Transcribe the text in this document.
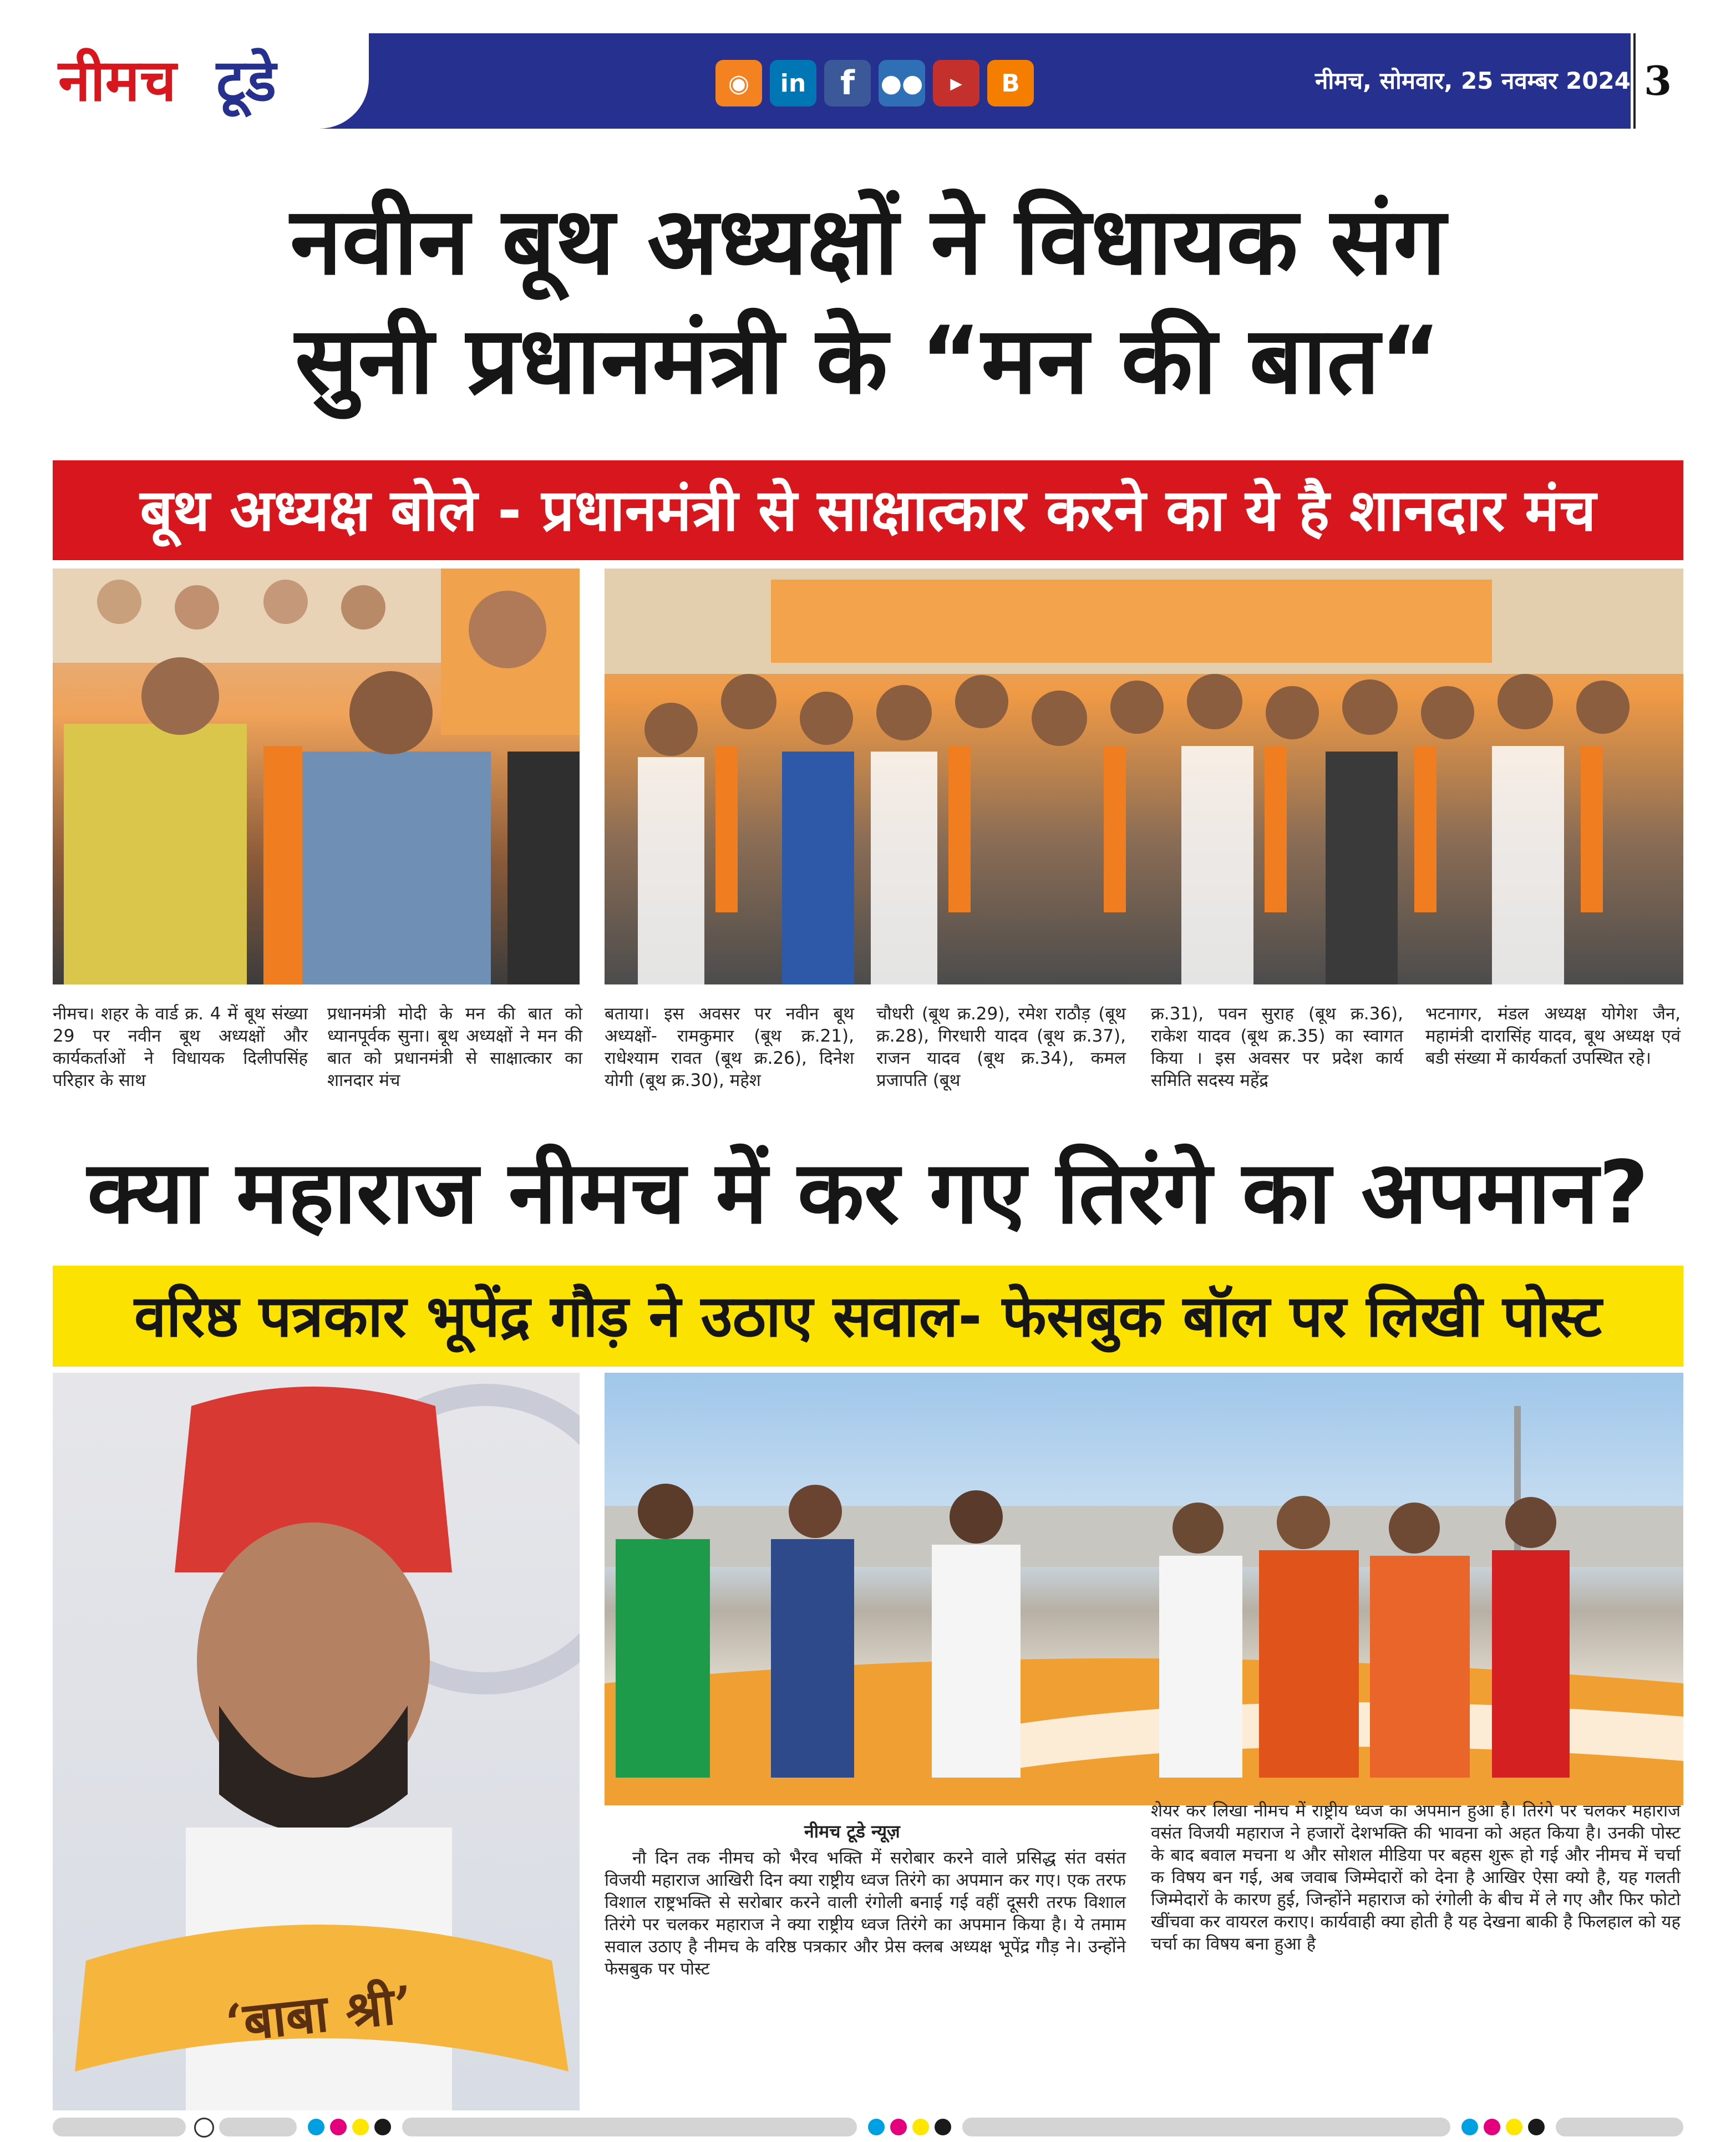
नीमच टूडे	◉	in	f	●●	▶	B	नीमच, सोमवार, 25 नवम्बर 2024 3
नवीन बूथ अध्यक्षों ने विधायक संग
सुनी प्रधानमंत्री के “मन की बात“
बूथ अध्यक्ष बोले - प्रधानमंत्री से साक्षात्कार करने का ये है शानदार मंच
नीमच। शहर के वार्ड क्र. 4 में बूथ संख्या 29 पर नवीन बूथ अध्यक्षों और कार्यकर्ताओं ने विधायक दिलीपसिंह परिहार के साथ
प्रधानमंत्री मोदी के मन की बात को ध्यानपूर्वक सुना। बूथ अध्यक्षों ने मन की बात को प्रधानमंत्री से साक्षात्कार का शानदार मंच
बताया। इस अवसर पर नवीन बूथ अध्यक्षों- रामकुमार (बूथ क्र.21), राधेश्याम रावत (बूथ क्र.26), दिनेश योगी (बूथ क्र.30), महेश
चौधरी (बूथ क्र.29), रमेश राठौड़ (बूथ क्र.28), गिरधारी यादव (बूथ क्र.37), राजन यादव (बूथ क्र.34), कमल प्रजापति (बूथ
क्र.31), पवन सुराह (बूथ क्र.36), राकेश यादव (बूथ क्र.35) का स्वागत किया । इस अवसर पर प्रदेश कार्य समिति सदस्य महेंद्र
भटनागर, मंडल अध्यक्ष योगेश जैन, महामंत्री दारासिंह यादव, बूथ अध्यक्ष एवं बडी संख्या में कार्यकर्ता उपस्थित रहे।
क्या महाराज नीमच में कर गए तिरंगे का अपमान?
वरिष्ठ पत्रकार भूपेंद्र गौड़ ने उठाए सवाल- फेसबुक बॉल पर लिखी पोस्ट
‘बाबा श्री’
नीमच टूडे न्यूज़
नौ दिन तक नीमच को भैरव भक्ति में सरोबार करने वाले प्रसिद्ध संत वसंत विजयी महाराज आखिरी दिन क्या राष्ट्रीय ध्वज तिरंगे का अपमान कर गए। एक तरफ विशाल राष्ट्रभक्ति से सरोबार करने वाली रंगोली बनाई गई वहीं दूसरी तरफ विशाल तिरंगे पर चलकर महाराज ने क्या राष्ट्रीय ध्वज तिरंगे का अपमान किया है। ये तमाम सवाल उठाए है नीमच के वरिष्ठ पत्रकार और प्रेस क्लब अध्यक्ष भूपेंद्र गौड़ ने। उन्होंने फेसबुक पर पोस्ट
शेयर कर लिखा नीमच में राष्ट्रीय ध्वज का अपमान हुआ है। तिरंगे पर चलकर महाराज वसंत विजयी महाराज ने हजारों देशभक्ति की भावना को अहत किया है। उनकी पोस्ट के बाद बवाल मचना थ और सोशल मीडिया पर बहस शुरू हो गई और नीमच में चर्चा क विषय बन गई, अब जवाब जिम्मेदारों को देना है आखिर ऐसा क्यो है, यह गलती जिम्मेदारों के कारण हुई, जिन्होंने महाराज को रंगोली के बीच में ले गए और फिर फोटो खींचवा कर वायरल कराए। कार्यवाही क्या होती है यह देखना बाकी है फिलहाल को यह चर्चा का विषय बना हुआ है
